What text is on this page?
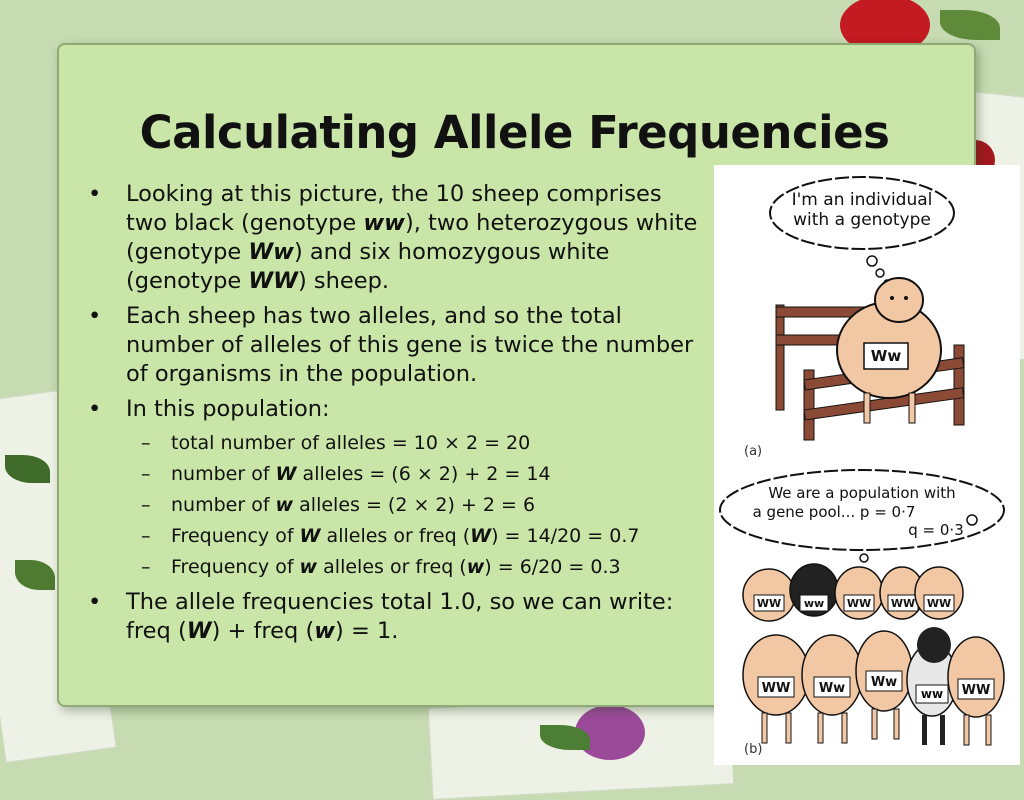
Calculating Allele Frequencies
• Looking at this picture, the 10 sheep comprises two black (genotype ww), two heterozygous white (genotype Ww) and six homozygous white (genotype WW) sheep.
• Each sheep has two alleles, and so the total number of alleles of this gene is twice the number of organisms in the population.
• In this population:
– total number of alleles = 10 × 2 = 20
– number of W alleles = (6 × 2) + 2 = 14
– number of w alleles = (2 × 2) + 2 = 6
– Frequency of W alleles or freq (W) = 14/20 = 0.7
– Frequency of w alleles or freq (w) = 6/20 = 0.3
• The allele frequencies total 1.0, so we can write: freq (W) + freq (w) = 1.
I'm an individual
with a genotype
Ww
(a)
We are a population with
a gene pool... p = 0·7
q = 0·3
WW ww WW WW WW
WW Ww Ww
ww WW
(b)
